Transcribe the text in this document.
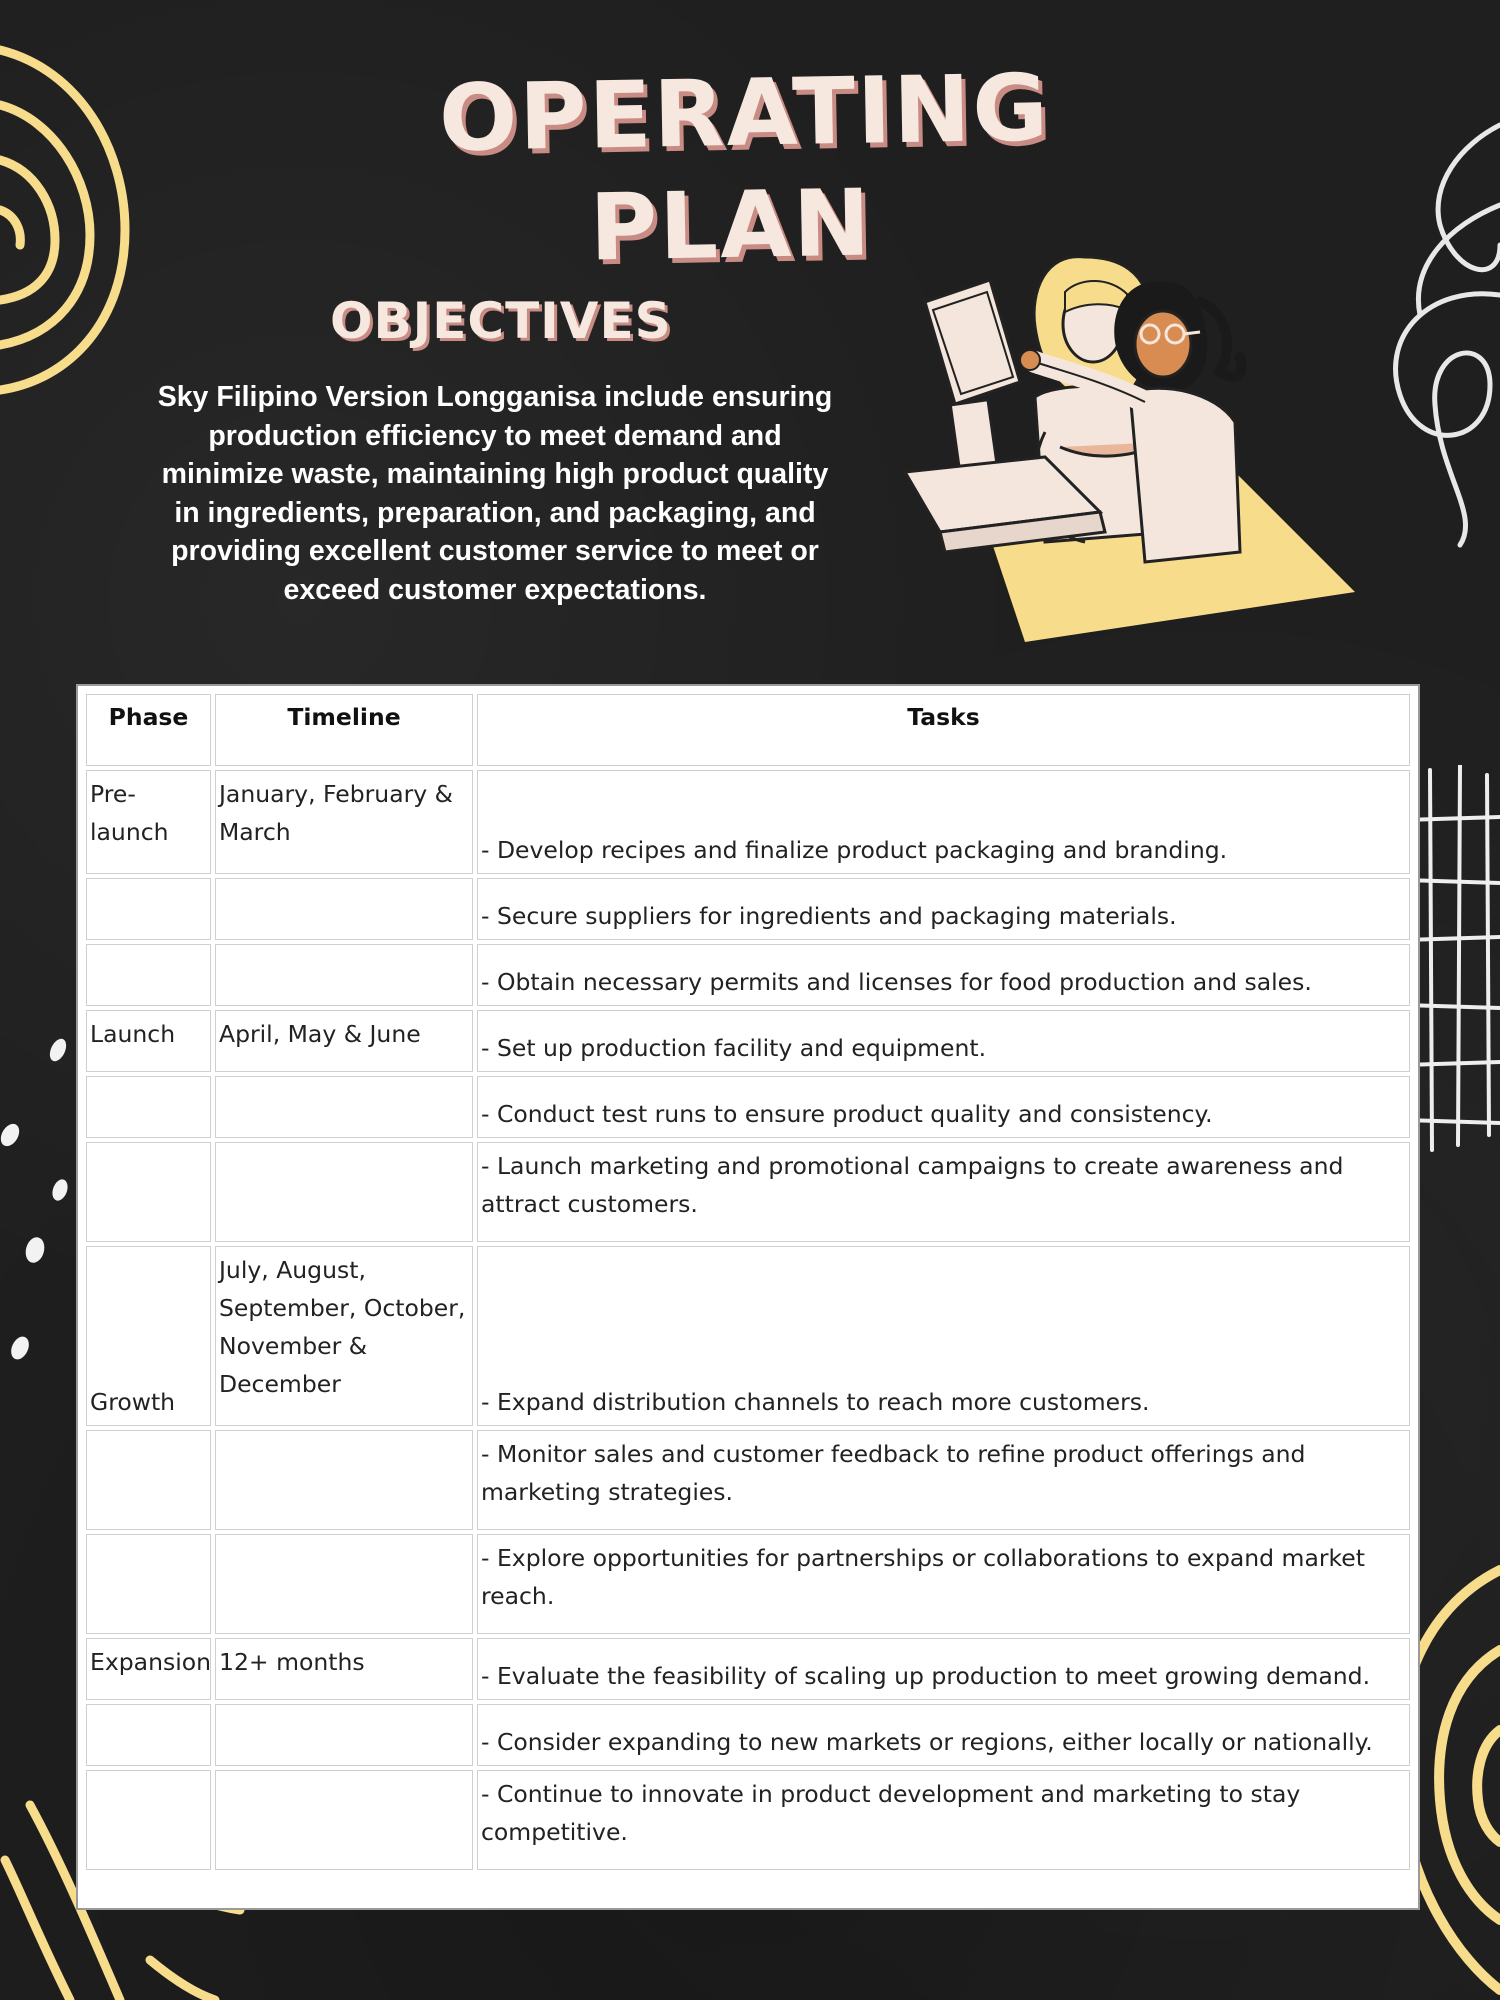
OPERATING
PLAN
OBJECTIVES
Sky Filipino Version Longganisa include ensuring production efficiency to meet demand and minimize waste, maintaining high product quality in ingredients, preparation, and packaging, and providing excellent customer service to meet or exceed customer expectations.
Phase	Timeline	Tasks
Pre-launch	January, February & March	- Develop recipes and finalize product packaging and branding.
		- Secure suppliers for ingredients and packaging materials.
		- Obtain necessary permits and licenses for food production and sales.
Launch	April, May & June	- Set up production facility and equipment.
		- Conduct test runs to ensure product quality and consistency.
		- Launch marketing and promotional campaigns to create awareness and attract customers.
Growth	July, August, September, October, November & December	- Expand distribution channels to reach more customers.
		- Monitor sales and customer feedback to refine product offerings and marketing strategies.
		- Explore opportunities for partnerships or collaborations to expand market reach.
Expansion	12+ months	- Evaluate the feasibility of scaling up production to meet growing demand.
		- Consider expanding to new markets or regions, either locally or nationally.
		- Continue to innovate in product development and marketing to stay competitive.
